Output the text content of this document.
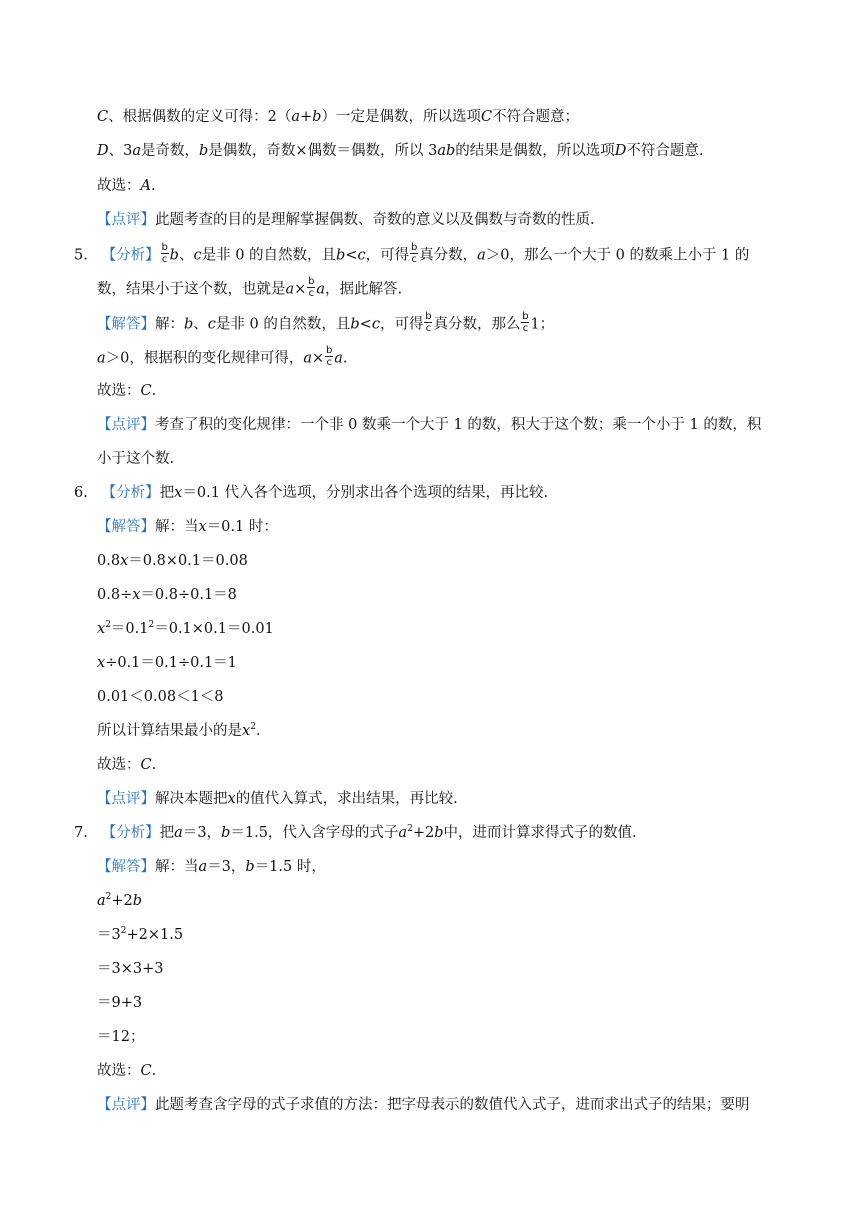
C、根据偶数的定义可得：2（a+b）一定是偶数，所以选项C不符合题意；
D、3a是奇数，b是偶数，奇数×偶数＝偶数，所以 3ab的结果是偶数，所以选项D不符合题意.
故选：A.
【点评】此题考查的目的是理解掌握偶数、奇数的意义以及偶数与奇数的性质.
5. 【分析】 $\frac{b}{c}$ b、c是非 0 的自然数，且b<c，可得 $\frac{b}{c}$ 真分数，a＞0，那么一个大于 0 的数乘上小于 1 的
数，结果小于这个数，也就是$a\times \frac{b}{c}$ a，据此解答.
【解答】解：b、c是非 0 的自然数，且b<c，可得 $\frac{b}{c}$ 真分数，那么 $\frac{b}{c} 1$；
a＞0，根据积的变化规律可得，$a\times \frac{b}{c} a$.
故选：C.
【点评】考查了积的变化规律：一个非 0 数乘一个大于 1 的数，积大于这个数；乘一个小于 1 的数，积
小于这个数.
6. 【分析】把x＝0.1 代入各个选项，分别求出各个选项的结果，再比较.
【解答】解：当x＝0.1 时：
0.8x＝0.8×0.1＝0.08
0.8÷x＝0.8÷0.1＝8
$x^2=0.1^2=0.1\times 0.1=0.01$
x÷0.1＝0.1÷0.1＝1
0.01＜0.08＜1＜8
所以计算结果最小的是$x^2$.
故选：C.
【点评】解决本题把x的值代入算式，求出结果，再比较.
7. 【分析】把a＝3，b＝1.5，代入含字母的式子$a^2+2b$中，进而计算求得式子的数值.
【解答】解：当a＝3，b＝1.5 时，
$a^2+2b$
$=3^2+2\times 1.5$
＝3×3+3
＝9+3
＝12；
故选：C.
【点评】此题考查含字母的式子求值的方法：把字母表示的数值代入式子，进而求出式子的结果；要明
